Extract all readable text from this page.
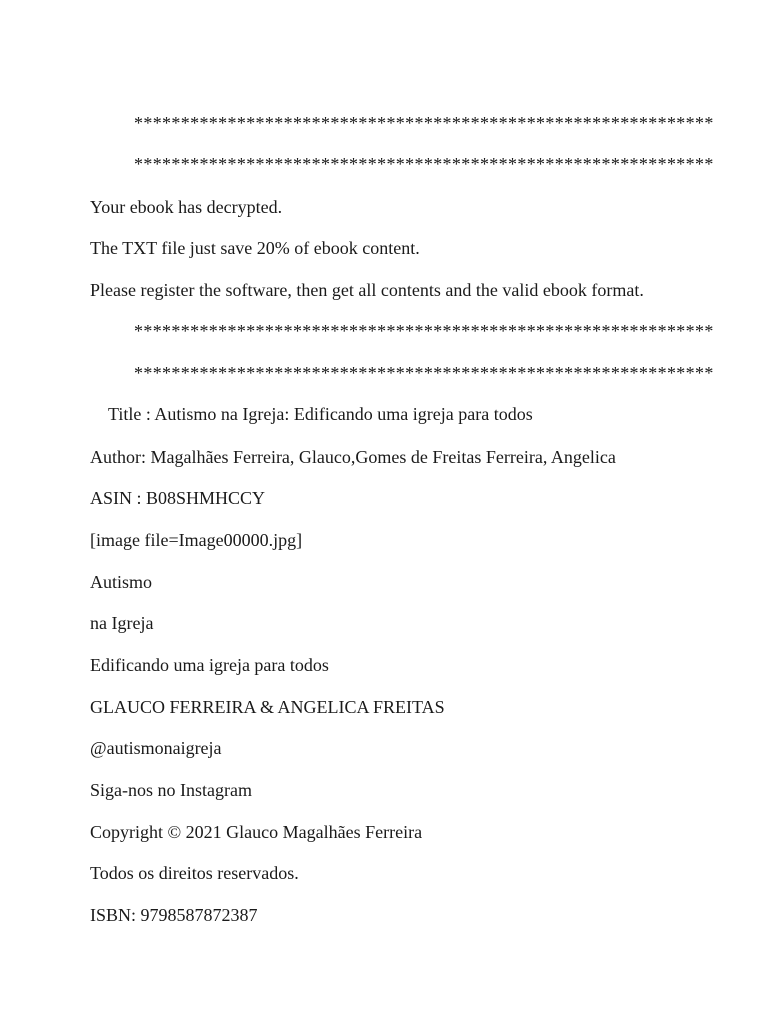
**************************************************************
**************************************************************
Your ebook has decrypted.
The TXT file just save 20% of ebook content.
Please register the software, then get all contents and the valid ebook format.
**************************************************************
**************************************************************
Title : Autismo na Igreja: Edificando uma igreja para todos
Author: Magalhães Ferreira, Glauco,Gomes de Freitas Ferreira, Angelica
ASIN : B08SHMHCCY
[image file=Image00000.jpg]
Autismo
na Igreja
Edificando uma igreja para todos
GLAUCO FERREIRA & ANGELICA FREITAS
@autismonaigreja
Siga-nos no Instagram
Copyright © 2021 Glauco Magalhães Ferreira
Todos os direitos reservados.
ISBN: 9798587872387
